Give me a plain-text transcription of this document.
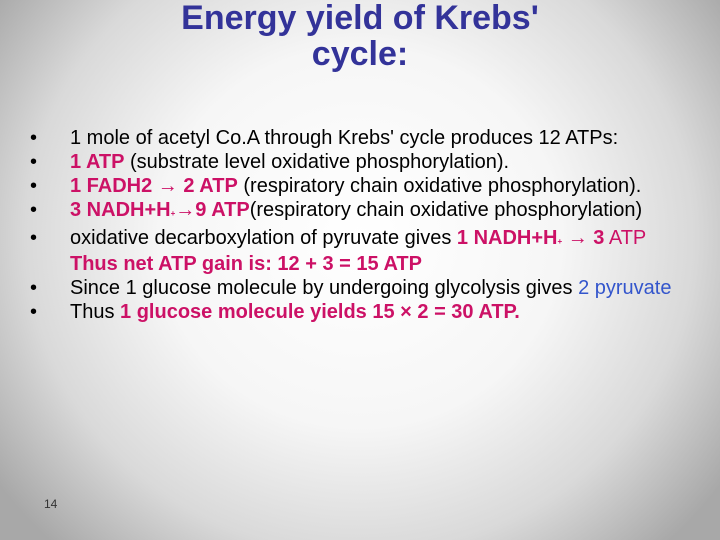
Energy yield of Krebs'
cycle:
• 1 mole of acetyl Co.A through Krebs' cycle produces 12 ATPs:
• 1 ATP (substrate level oxidative phosphorylation).
• 1 FADH2 → 2 ATP (respiratory chain oxidative phosphorylation).
• 3 NADH+H+→9 ATP(respiratory chain oxidative phosphorylation)
• oxidative decarboxylation of pyruvate gives 1 NADH+H+ → 3 ATP Thus net ATP gain is: 12 + 3 = 15 ATP
• Since 1 glucose molecule by undergoing glycolysis gives 2 pyruvate
• Thus 1 glucose molecule yields 15 × 2 = 30 ATP.
14
